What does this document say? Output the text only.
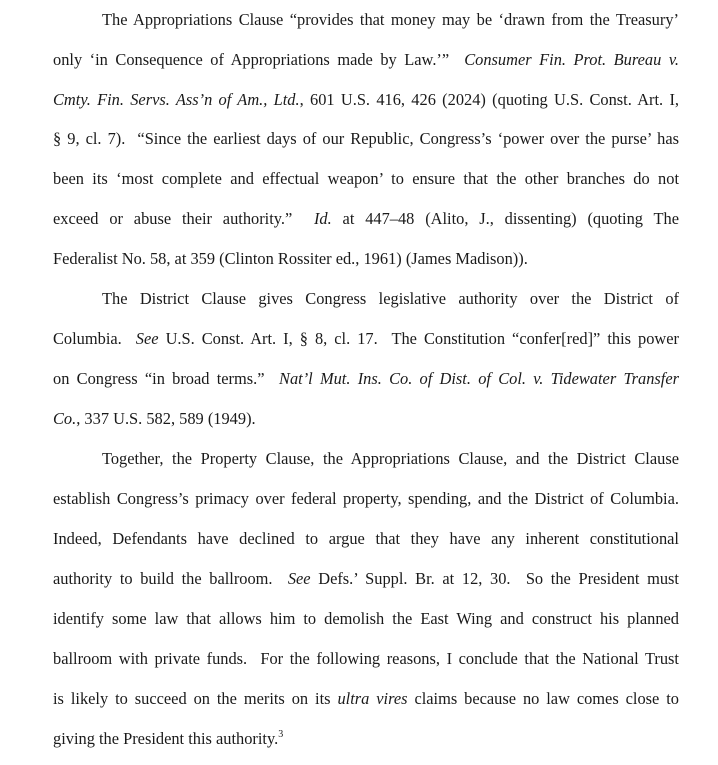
The Appropriations Clause “provides that money may be ‘drawn from the Treasury’
only ‘in Consequence of Appropriations made by Law.’”  Consumer Fin. Prot. Bureau v.
Cmty. Fin. Servs. Ass’n of Am., Ltd., 601 U.S. 416, 426 (2024) (quoting U.S. Const. Art. I,
§ 9, cl. 7).  “Since the earliest days of our Republic, Congress’s ‘power over the purse’ has
been its ‘most complete and effectual weapon’ to ensure that the other branches do not
exceed or abuse their authority.”  Id. at 447–48 (Alito, J., dissenting) (quoting The
Federalist No. 58, at 359 (Clinton Rossiter ed., 1961) (James Madison)).
The District Clause gives Congress legislative authority over the District of
Columbia.  See U.S. Const. Art. I, § 8, cl. 17.  The Constitution “confer[red]” this power
on Congress “in broad terms.”  Nat’l Mut. Ins. Co. of Dist. of Col. v. Tidewater Transfer
Co., 337 U.S. 582, 589 (1949).
Together, the Property Clause, the Appropriations Clause, and the District Clause
establish Congress’s primacy over federal property, spending, and the District of Columbia.
Indeed, Defendants have declined to argue that they have any inherent constitutional
authority to build the ballroom.  See Defs.’ Suppl. Br. at 12, 30.  So the President must
identify some law that allows him to demolish the East Wing and construct his planned
ballroom with private funds.  For the following reasons, I conclude that the National Trust
is likely to succeed on the merits on its ultra vires claims because no law comes close to
giving the President this authority.$^3$
